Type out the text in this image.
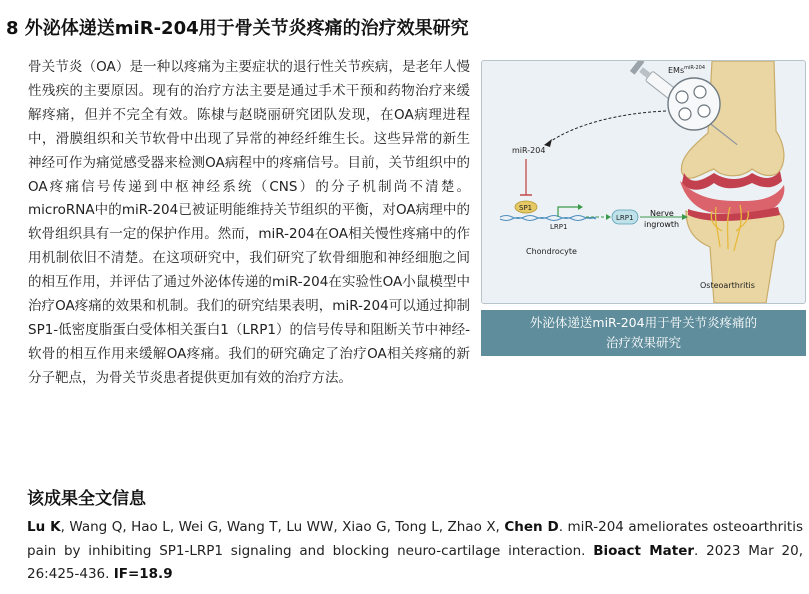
8 外泌体递送miR-204用于骨关节炎疼痛的治疗效果研究

骨关节炎（OA）是一种以疼痛为主要症状的退行性关节疾病，是老年人慢性残疾的主要原因。现有的治疗方法主要是通过手术干预和药物治疗来缓解疼痛，但并不完全有效。陈棣与赵晓丽研究团队发现，在OA病理进程中，滑膜组织和关节软骨中出现了异常的神经纤维生长。这些异常的新生神经可作为痛觉感受器来检测OA病程中的疼痛信号。目前，关节组织中的OA疼痛信号传递到中枢神经系统（CNS）的分子机制尚不清楚。microRNA中的miR-204已被证明能维持关节组织的平衡，对OA病理中的软骨组织具有一定的保护作用。然而，miR-204在OA相关慢性疼痛中的作用机制依旧不清楚。在这项研究中，我们研究了软骨细胞和神经细胞之间的相互作用，并评估了通过外泌体传递的miR-204在实验性OA小鼠模型中治疗OA疼痛的效果和机制。我们的研究结果表明，miR-204可以通过抑制SP1-低密度脂蛋白受体相关蛋白1（LRP1）的信号传导和阻断关节中神经-软骨的相互作用来缓解OA疼痛。我们的研究确定了治疗OA相关疼痛的新分子靶点，为骨关节炎患者提供更加有效的治疗方法。

EMs$^{miR-204}$
miR-204
SP1
LRP1
LRP1 Nerve
ingrowth
Chondrocyte
Osteoarthritis
外泌体递送miR-204用于骨关节炎疼痛的
治疗效果研究
该成果全文信息

Lu K, Wang Q, Hao L, Wei G, Wang T, Lu WW, Xiao G, Tong L, Zhao X, Chen D. miR-204 ameliorates osteoarthritis pain by inhibiting SP1-LRP1 signaling and blocking neuro-cartilage interaction. Bioact Mater. 2023 Mar 20, 26:425-436. IF=18.9
